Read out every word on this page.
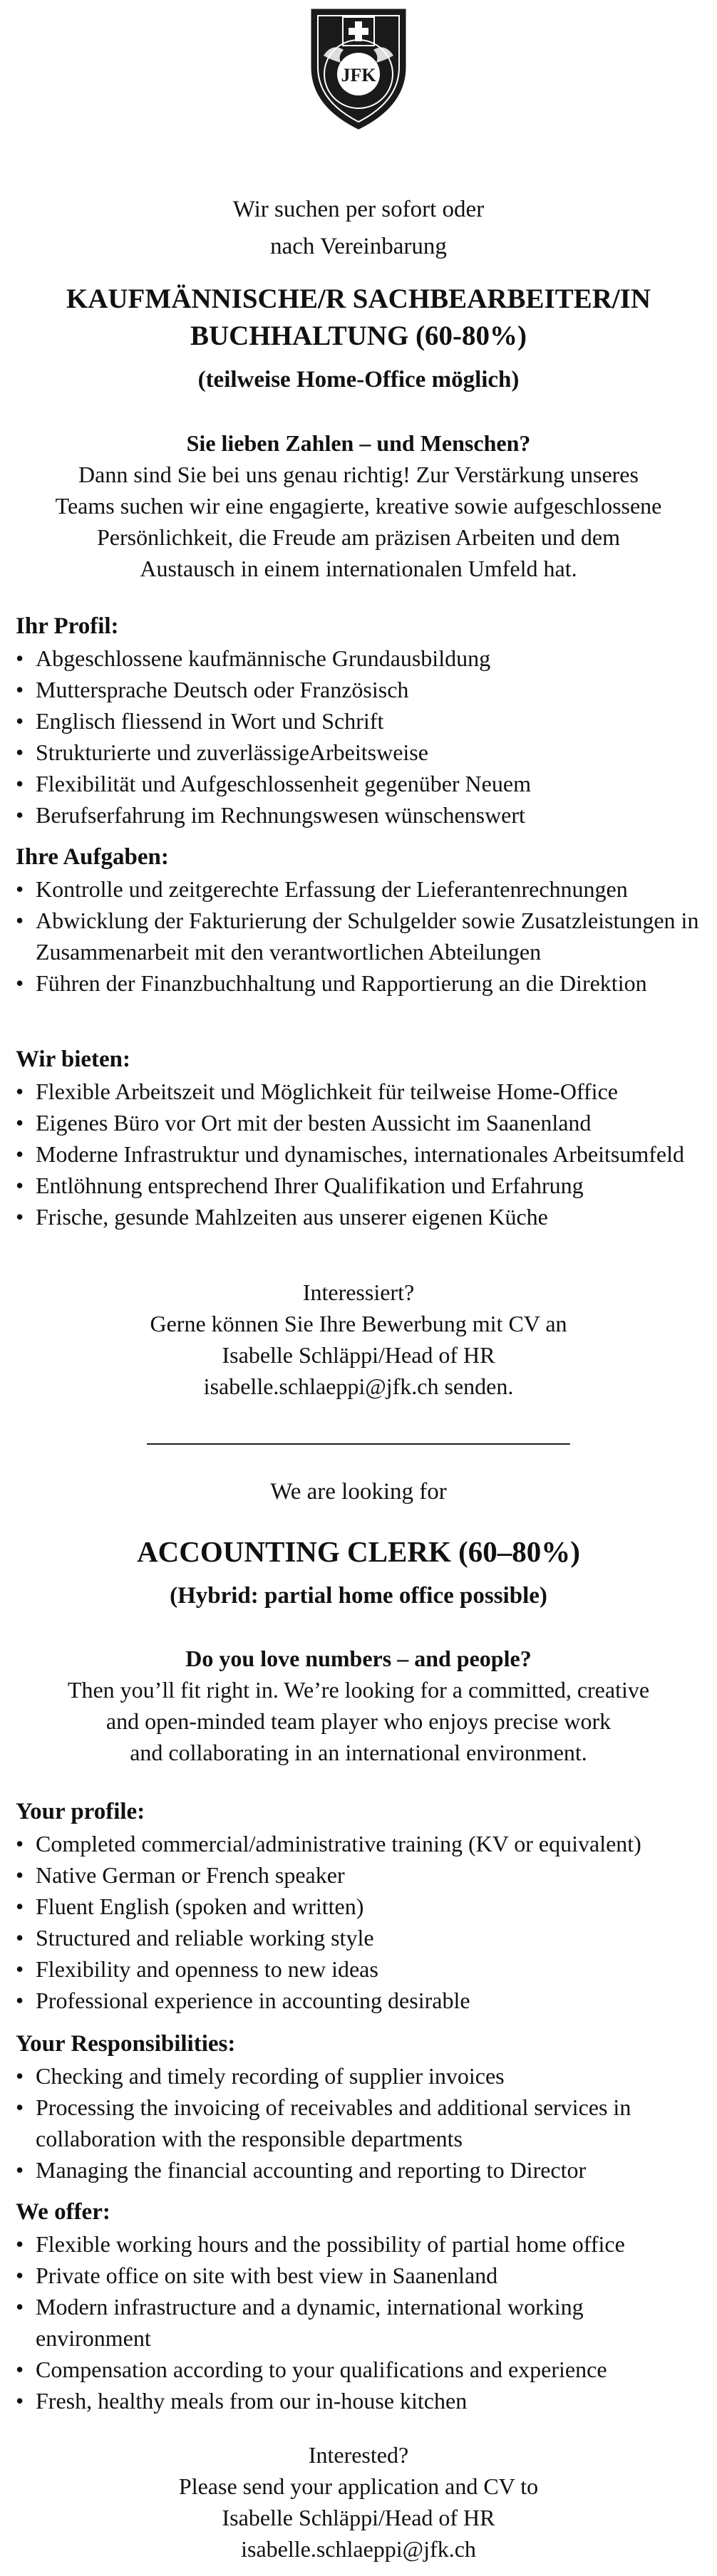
JFK
Wir suchen per sofort oder
nach Vereinbarung
KAUFMÄNNISCHE/R SACHBEARBEITER/IN
BUCHHALTUNG (60-80%)
(teilweise Home-Office möglich)
Sie lieben Zahlen – und Menschen?
Dann sind Sie bei uns genau richtig! Zur Verstärkung unseres
Teams suchen wir eine engagierte, kreative sowie aufgeschlossene
Persönlichkeit, die Freude am präzisen Arbeiten und dem
Austausch in einem internationalen Umfeld hat.
Ihr Profil:
• Abgeschlossene kaufmännische Grundausbildung
• Muttersprache Deutsch oder Französisch
• Englisch fliessend in Wort und Schrift
• Strukturierte und zuverlässigeArbeitsweise
• Flexibilität und Aufgeschlossenheit gegenüber Neuem
• Berufserfahrung im Rechnungswesen wünschenswert
Ihre Aufgaben:
• Kontrolle und zeitgerechte Erfassung der Lieferantenrechnungen
• Abwicklung der Fakturierung der Schulgelder sowie Zusatzleistungen in Zusammenarbeit mit den verantwortlichen Abteilungen
• Führen der Finanzbuchhaltung und Rapportierung an die Direktion
Wir bieten:
• Flexible Arbeitszeit und Möglichkeit für teilweise Home-Office
• Eigenes Büro vor Ort mit der besten Aussicht im Saanenland
• Moderne Infrastruktur und dynamisches, internationales Arbeitsumfeld
• Entlöhnung entsprechend Ihrer Qualifikation und Erfahrung
• Frische, gesunde Mahlzeiten aus unserer eigenen Küche
Interessiert?
Gerne können Sie Ihre Bewerbung mit CV an
Isabelle Schläppi/Head of HR
isabelle.schlaeppi@jfk.ch senden.
We are looking for
ACCOUNTING CLERK (60–80%)
(Hybrid: partial home office possible)
Do you love numbers – and people?
Then you’ll fit right in. We’re looking for a committed, creative
and open-minded team player who enjoys precise work
and collaborating in an international environment.
Your profile:
• Completed commercial/administrative training (KV or equivalent)
• Native German or French speaker
• Fluent English (spoken and written)
• Structured and reliable working style
• Flexibility and openness to new ideas
• Professional experience in accounting desirable
Your Responsibilities:
• Checking and timely recording of supplier invoices
• Processing the invoicing of receivables and additional services in collaboration with the responsible departments
• Managing the financial accounting and reporting to Director
We offer:
• Flexible working hours and the possibility of partial home office
• Private office on site with best view in Saanenland
• Modern infrastructure and a dynamic, international working environment
• Compensation according to your qualifications and experience
• Fresh, healthy meals from our in-house kitchen
Interested?
Please send your application and CV to
Isabelle Schläppi/Head of HR
isabelle.schlaeppi@jfk.ch
